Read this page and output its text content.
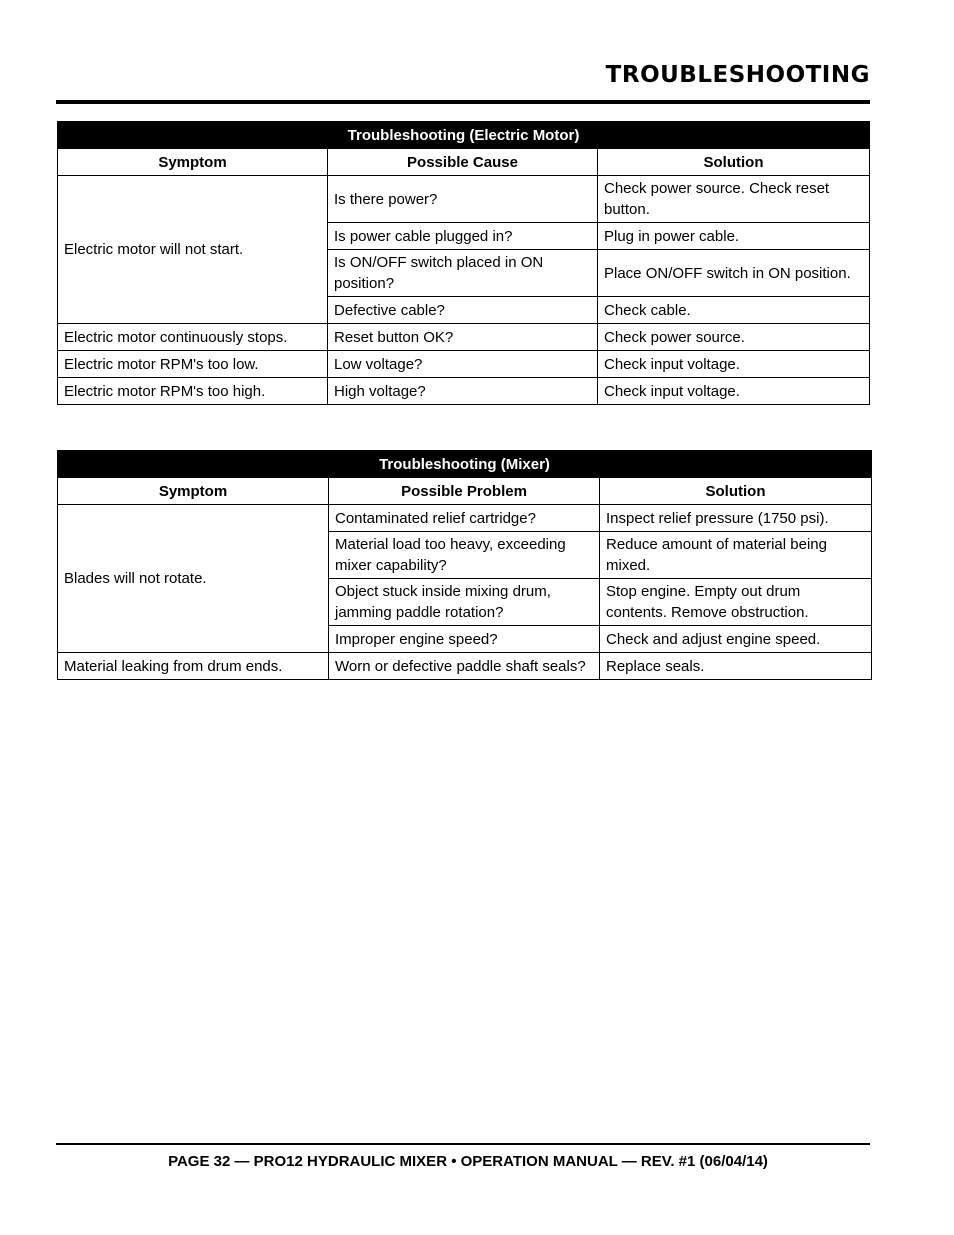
TROUBLESHOOTING
Troubleshooting (Electric Motor)		
Symptom	Possible Cause	Solution
Electric motor will not start.	Is there power?	Check power source. Check reset button.
	Is power cable plugged in?	Plug in power cable.
	Is ON/OFF switch placed in ON position?	Place ON/OFF switch in ON position.
	Defective cable?	Check cable.
Electric motor continuously stops.	Reset button OK?	Check power source.
Electric motor RPM's too low.	Low voltage?	Check input voltage.
Electric motor RPM's too high.	High voltage?	Check input voltage.
Troubleshooting (Mixer)		
Symptom	Possible Problem	Solution
Blades will not rotate.	Contaminated relief cartridge?	Inspect relief pressure (1750 psi).
	Material load too heavy, exceeding mixer capability?	Reduce amount of material being mixed.
	Object stuck inside mixing drum, jamming paddle rotation?	Stop engine. Empty out drum contents. Remove obstruction.
	Improper engine speed?	Check and adjust engine speed.
Material leaking from drum ends.	Worn or defective paddle shaft seals?	Replace seals.
PAGE 32 — PRO12 HYDRAULIC MIXER • OPERATION MANUAL — REV. #1 (06/04/14)
